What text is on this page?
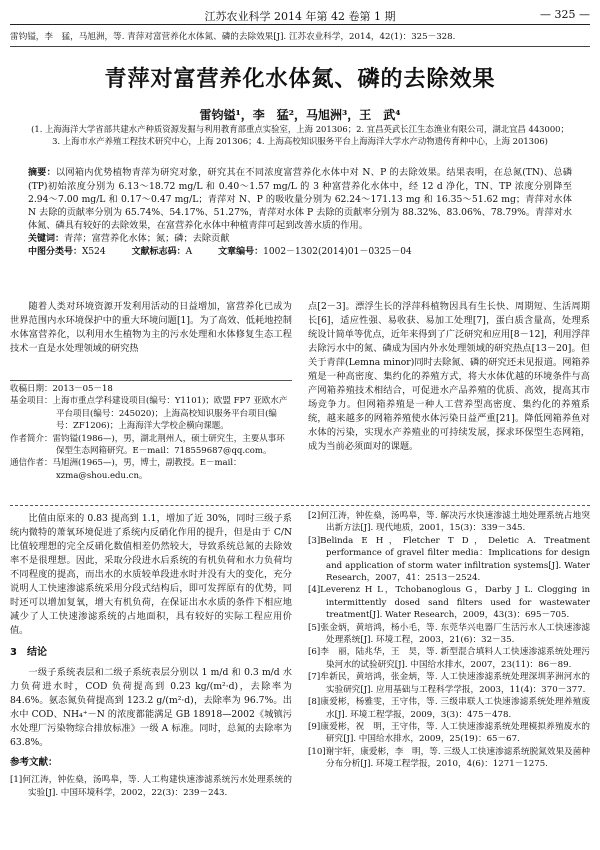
江苏农业科学 2014 年第 42 卷第 1 期	— 325 —
雷钧镒，李　猛，马旭洲，等. 青萍对富营养化水体氮、磷的去除效果[J]. 江苏农业科学，2014，42(1)：325－328.
青萍对富营养化水体氮、磷的去除效果
雷钧镒¹，李　猛²，马旭洲³，王　武⁴
(1. 上海海洋大学省部共建水产种质资源发掘与利用教育部重点实验室，上海 201306；2. 宜昌英武长江生态渔业有限公司，湖北宜昌 443000；
3. 上海市水产养殖工程技术研究中心，上海 201306；4. 上海高校知识服务平台上海海洋大学水产动物遗传育种中心，上海 201306)
摘要：以网箱内优势植物青萍为研究对象，研究其在不同浓度富营养化水体中对 N、P 的去除效果。结果表明，在总氮(TN)、总磷(TP)初始浓度分别为 6.13～18.72 mg/L 和 0.40～1.57 mg/L 的 3 种富营养化水体中，经 12 d 净化，TN、TP 浓度分别降至 2.94～7.00 mg/L 和 0.17～0.47 mg/L；青萍对 N、P 的吸收量分别为 62.24～171.13 mg 和 16.35～51.62 mg；青萍对水体 N 去除的贡献率分别为 65.74%、54.17%、51.27%，青萍对水体 P 去除的贡献率分别为 88.32%、83.06%、78.79%。青萍对水体氮、磷具有较好的去除效果，在富营养化水体中种植青萍可起到改善水质的作用。
关键词：青萍；富营养化水体；氮；磷；去除贡献
中图分类号：X524	文献标志码：A	文章编号：1002－1302(2014)01－0325－04
随着人类对环境资源开发利用活动的日益增加，富营养化已成为世界范围内水环境保护中的重大环境问题[1]。为了高效、低耗地控制水体富营养化，以利用水生植物为主的污水处理和水体修复生态工程技术一直是水处理领域的研究热

收稿日期：2013－05－18

基金项目：上海市重点学科建设项目(编号：Y1101)；欧盟 FP7 亚欧水产平台项目(编号：245020)；上海高校知识服务平台项目(编号：ZF1206)；上海海洋大学校企横向课题。

作者简介：雷钧镒(1986—)，男，湖北荆州人，硕士研究生，主要从事环保型生态网箱研究。E－mail：718559687@qq.com。

通信作者：马旭洲(1965—)，男，博士，副教授。E－mail：xzma@shou.edu.cn。

点[2－3]。漂浮生长的浮萍科植物因具有生长快、周期短、生活周期长[6]，适应性强、易收获、易加工处理[7]，蛋白质含量高，处理系统设计简单等优点，近年来得到了广泛研究和应用[8－12]，利用浮萍去除污水中的氮、磷成为国内外水处理领域的研究热点[13－20]。但关于青萍(Lemna minor)同时去除氮、磷的研究还未见报道。网箱养殖是一种高密度、集约化的养殖方式，将大水体优越的环境条件与高产网箱养殖技术相结合，可促进水产品养殖的优质、高效，提高其市场竞争力。但网箱养殖是一种人工营养型高密度、集约化的养殖系统，越来越多的网箱养殖使水体污染日益严重[21]。降低网箱养鱼对水体的污染，实现水产养殖业的可持续发展，探求环保型生态网箱，成为当前必须面对的课题。

比值由原来的 0.83 提高到 1.1，增加了近 30%，同时三级子系统内微特的萧氧环境促进了系统内反硝化作用的提升，但是由于 C/N 比值较理想的完全反硝化数值相差仍然较大，导致系统总氮的去除效率不是很理想。因此，采取分段进水后系统的有机负荷和水力负荷均不同程度的提高，而出水的水质较单段进水时并没有大的变化，充分说明人工快速渗滤系统采用分段式结构后，即可发挥原有的优势，同时还可以增加复氧，增大有机负荷，在保证出水水质的条件下相应地减少了人工快速渗滤系统的占地面积，具有较好的实际工程应用价值。

3　结论

一级子系统表层和二级子系统表层分别以 1 m/d 和 0.3 m/d 水力负荷进水时，COD 负荷提高到 0.23 kg/(m²·d)，去除率为 84.6%。氨态氮负荷提高到 123.2 g/(m²·d)，去除率为 96.7%。出水中 COD、NH₄⁺－N 的浓度都能满足 GB 18918—2002《城镇污水处理厂污染物综合排放标准》一级 A 标准。同时，总氮的去除率为 63.8%。

参考文献：

[1]何江涛，钟佐燊，汤鸣皋，等. 人工构建快速渗滤系统污水处理系统的实验[J]. 中国环境科学，2002，22(3)：239－243.

[2]何江涛，钟佐燊，汤鸣皋，等. 解决污水快速渗滤土地处理系统占地突出新方法[J]. 现代地质，2001，15(3)：339－345.

[3]Belinda E H，Fletcher T D，Deletic A. Treatment performance of gravel filter media：Implications for design and application of storm water infiltration systems[J]. Water Research，2007，41：2513－2524.

[4]Leverenz H L，Tchobanoglous G，Darby J L. Clogging in intermittently dosed sand filters used for wastewater treatment[J]. Water Research，2009，43(3)：695－705.

[5]张金炳，黄培鸿，杨小毛，等. 东莞华兴电器厂生活污水人工快速渗滤处理系统[J]. 环境工程，2003，21(6)：32－35.

[6]李　丽，陆兆华，王　昊，等. 新型混合填料人工快速渗滤系统处理污染河水的试验研究[J]. 中国给水排水，2007，23(11)：86－89.

[7]牟新民，黄培鸿，张金炳，等. 人工快速渗滤系统处理深圳茅洲河水的实验研究[J]. 应用基础与工程科学学报，2003，11(4)：370－377.

[8]康爱彬，杨雅雯，王守伟，等. 三级串联人工快速渗滤系统处理养殖废水[J]. 环境工程学报，2009，3(3)：475－478.

[9]康爱彬，祝　明，王守伟，等. 人工快速渗滤系统处理模拟养殖废水的研究[J]. 中国给水排水，2009，25(19)：65－67.

[10]谢宇轩，康爱彬，李　明，等. 三级人工快速渗滤系统脱氮效果及菌种分布分析[J]. 环境工程学报，2010，4(6)：1271－1275.
